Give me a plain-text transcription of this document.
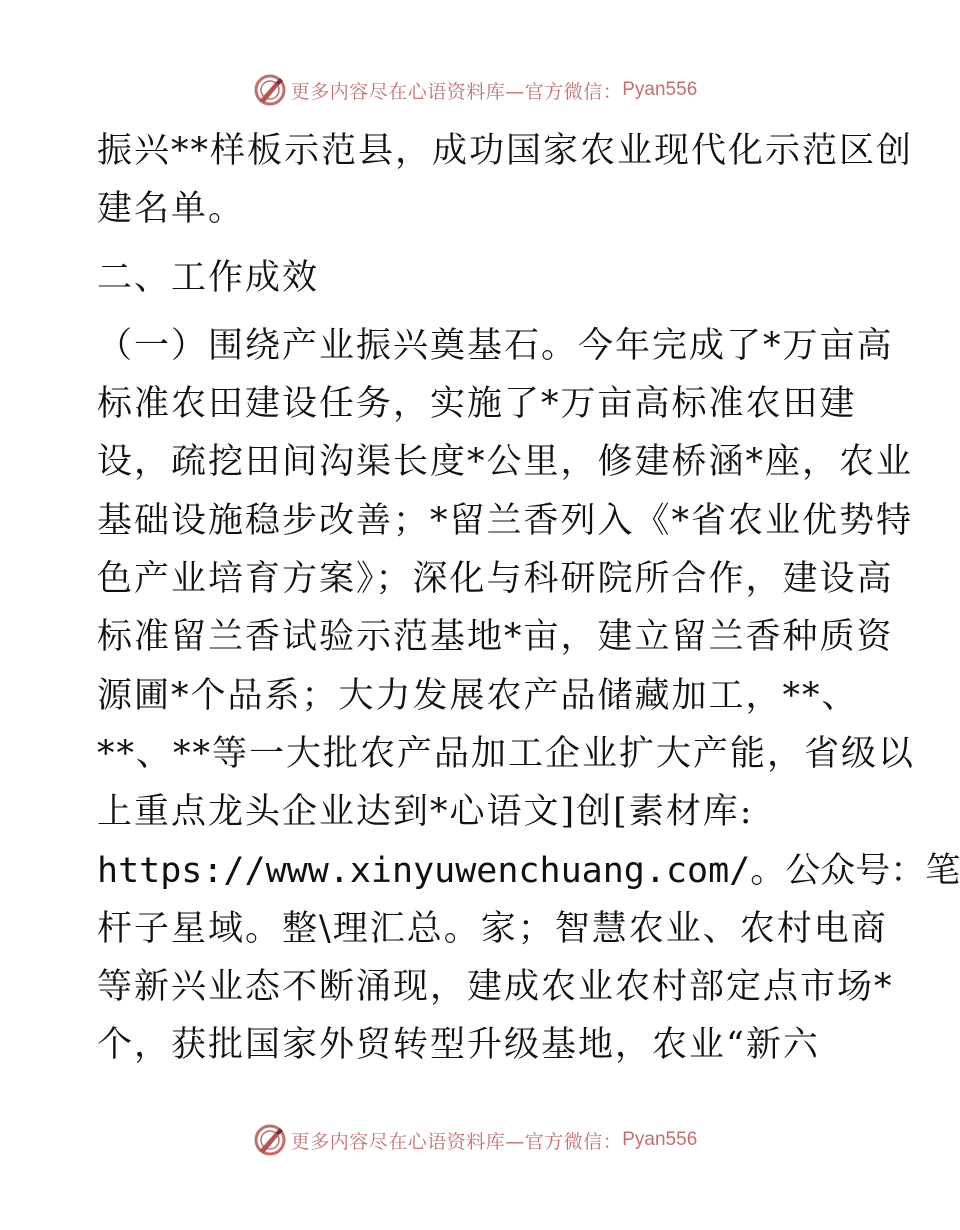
更多内容尽在心语资料库—官方微信： Pyan556
振兴**样板示范县，成功国家农业现代化示范区创
建名单。
二、工作成效
（一）围绕产业振兴奠基石。今年完成了*万亩高
标准农田建设任务，实施了*万亩高标准农田建
设，疏挖田间沟渠长度*公里，修建桥涵*座，农业
基础设施稳步改善；*留兰香列入《*省农业优势特
色产业培育方案》；深化与科研院所合作，建设高
标准留兰香试验示范基地*亩，建立留兰香种质资
源圃*个品系；大力发展农产品储藏加工，**、
**、**等一大批农产品加工企业扩大产能，省级以
上重点龙头企业达到*心语文]创[素材库:
https://www.xinyuwenchuang.com/。公众号：笔
杆子星域。整\理汇总。家；智慧农业、农村电商
等新兴业态不断涌现，建成农业农村部定点市场*
个，获批国家外贸转型升级基地，农业“新六
更多内容尽在心语资料库—官方微信： Pyan556
